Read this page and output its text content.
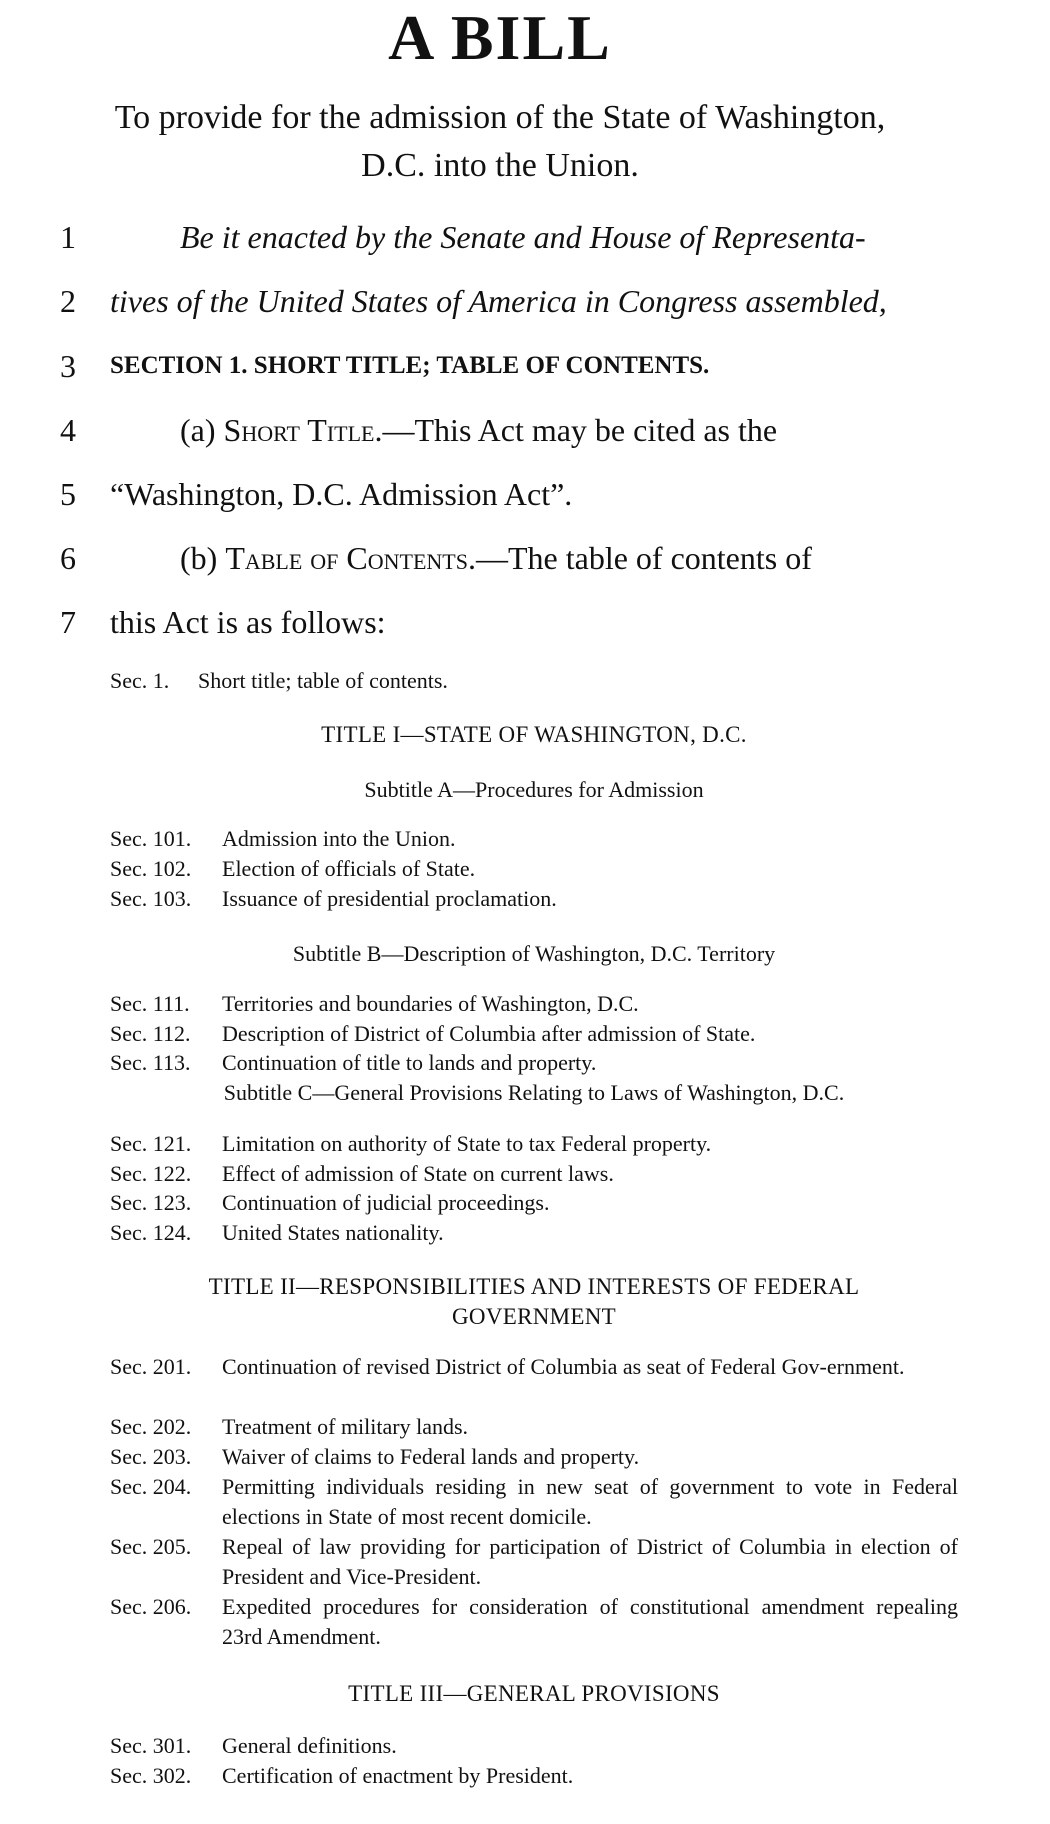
A BILL
To provide for the admission of the State of Washington,
D.C. into the Union.
1	Be it enacted by the Senate and House of Representa-
2	tives of the United States of America in Congress assembled,
3	SECTION 1. SHORT TITLE; TABLE OF CONTENTS.
4	(a) Short Title.—This Act may be cited as the
5	“Washington, D.C. Admission Act”.
6	(b) Table of Contents.—The table of contents of
7	this Act is as follows:
Sec. 1. Short title; table of contents.
TITLE I—STATE OF WASHINGTON, D.C.
Subtitle A—Procedures for Admission
Sec. 101. Admission into the Union.
Sec. 102. Election of officials of State.
Sec. 103. Issuance of presidential proclamation.
Subtitle B—Description of Washington, D.C. Territory
Sec. 111. Territories and boundaries of Washington, D.C.
Sec. 112. Description of District of Columbia after admission of State.
Sec. 113. Continuation of title to lands and property.
Subtitle C—General Provisions Relating to Laws of Washington, D.C.
Sec. 121. Limitation on authority of State to tax Federal property.
Sec. 122. Effect of admission of State on current laws.
Sec. 123. Continuation of judicial proceedings.
Sec. 124. United States nationality.
TITLE II—RESPONSIBILITIES AND INTERESTS OF FEDERAL
GOVERNMENT
Sec. 201. Continuation of revised District of Columbia as seat of Federal Gov-ernment.
Sec. 202. Treatment of military lands.
Sec. 203. Waiver of claims to Federal lands and property.
Sec. 204. Permitting individuals residing in new seat of government to vote in Federal elections in State of most recent domicile.
Sec. 205. Repeal of law providing for participation of District of Columbia in election of President and Vice-President.
Sec. 206. Expedited procedures for consideration of constitutional amendment repealing 23rd Amendment.
TITLE III—GENERAL PROVISIONS
Sec. 301. General definitions.
Sec. 302. Certification of enactment by President.
